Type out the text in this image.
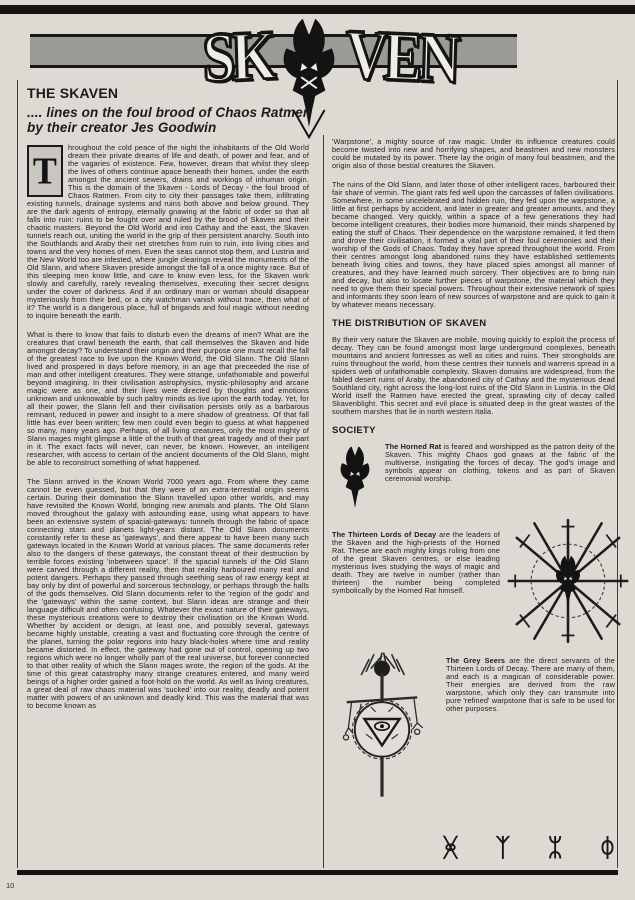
SK VEN
THE SKAVEN
.... lines on the foul brood of Chaos Ratmen by their creator Jes Goodwin

T
hroughout the cold peace of the night the inhabitants of the Old World dream their private dreams of life and death, of power and fear, and of the vagaries of existence. Few, however, dream that whilst they sleep the lives of others continue apace beneath their homes, under the earth amongst the ancient sewers, drains and workings of inhuman origin. This is the domain of the Skaven - Lords of Decay - the foul brood of Chaos Ratmen. From city to city their passages take them, infiltrating existing tunnels, drainage systems and ruins both above and below ground. They are the dark agents of entropy, eternally gnawing at the fabric of order so that all falls into ruin: ruins to be fought over and ruled by the brood of Skaven and their chaotic masters. Beyond the Old World and into Cathay and the east, the Skaven tunnels reach out, uniting the world in the grip of their persistent anarchy. South into the Southlands and Araby their net stretches from ruin to ruin, into living cities and towns and the very homes of men. Even the seas cannot stop them, and Lustria and the New World too are infested, where jungle clearings reveal the monuments of the Old Slann, and where Skaven preside amongst the fall of a once mighty race. But of this sleeping men know little, and care to know even less, for the Skaven work slowly and carefully, rarely revealing themselves, executing their secret designs under the cover of darkness. And if an ordinary man or woman should disappear mysteriously from their bed, or a city watchman vanish without trace, then what of it? The world is a dangerous place, full of brigands and foul magic without needing to inquire beneath the earth.

What is there to know that fails to disturb even the dreams of men? What are the creatures that crawl beneath the earth, that call themselves the Skaven and hide amongst decay? To understand their origin and their purpose one must recall the fall of the greatest race to live upon the Known World, the Old Slann. The Old Slann lived and prospered in days before memory, in an age that preceeded the rise of man and other intelligent creatures. They were strange, unfathomable and powerful beyond imagining. In their civilisation astrophysics, mystic-philosophy and arcane magic were as one, and their lives were directed by thoughts and emotions unknown and unknowable by such paltry minds as live upon the earth today. Yet, for all their power, the Slann fell and their civilisation persists only as a barbarous remnant, reduced in power and insight to a mere shadow of greatness. Of that fall little has ever been written; few men could even begin to guess at what happened so many, many years ago. Perhaps, of all living creatures, only the most mighty of Slann mages might glimpse a little of the truth of that great tragedy and of their part in it. The exact facts will never, can never, be known. However, an intelligent researcher, with access to certain of the ancient documents of the Old Slann, might be able to reconstruct something of what happened.

The Slann arrived in the Known World 7000 years ago. From where they came cannot be even guessed, but that they were of an extra-terrestial origin seems certain. During their domination the Slann travelled upon other worlds, and may have revisited the Known World, bringing new animals and plants. The Old Slann moved throughout the galaxy with astounding ease, using what appears to have been an extensive system of spacial-gateways: tunnels through the fabric of space connecting stars and planets light-years distant. The Old Slann documents constantly refer to these as 'gateways', and there appear to have been many such gateways located in the Known World at various places. The same documents refer also to the dangers of these gateways, the constant threat of their destruction by terrible forces existing 'inbetween space'. If the spacial tunnels of the Old Slann were carved through a different reality, then that reality harboured many real and potent dangers. Perhaps they passed through seething seas of raw energy kept at bay only by dint of powerful and sorcerous technology, or perhaps through the halls of the gods themselves. Old Slann documents refer to the 'region of the gods' and the 'gateways' within the same context, but Slann ideas are strange and their language difficult and often confusing. Whatever the exact nature of their gateways, these mysterious creations were to destroy their civilisation on the Known World. Whether by accident or design, at least one, and possibly several, gateways became highly unstable, creating a vast and fluctuating core through the centre of the planet, turning the polar regions into hazy black-holes where time and reality became distorted. In effect, the gateway had gone out of control, opening up two regions which were no longer wholly part of the real universe, but forever connected to that other reality of which the Slann mages wrote, the region of the gods. At the time of this great catastrophy many strange creatures entered, and many weird beings of a higher order gained a foot-hold on the world. As well as living creatures, a great deal of raw chaos material was 'sucked' into our reality, deadly and potent matter with powers of an unknown and deadly kind. This was the material that was to become known as

'Warpstone', a mighty source of raw magic. Under its influence creatures could become twisted into new and horrifying shapes, and beastmen and new monsters could be mutated by its power. There lay the origin of many foul beastmen, and the origin also of those bestial creatures the Skaven.

The ruins of the Old Slann, and later those of other intelligent races, harboured their fair share of vermin. The giant rats fed well upon the carcasses of fallen civilisations. Somewhere, in some uncelebrated and hidden ruin, they fed upon the warpstone, a little at first perhaps by accident, and later in greater and greater amounts, and they became changed. Very quickly, within a space of a few generations they had become intelligent creatures, their bodies more humanoid, their minds sharpened by eating the stuff of Chaos. Their dependence on the warpstone remained, it fed them and drove their civilisation, it formed a vital part of their foul ceremonies and their worship of the Gods of Chaos. Today they have spread throughout the world. From their centres amongst long abandoned ruins they have established settlements beneath living cities and towns, they have placed spies amongst all manner of creatures, and they have learned much sorcery. Their objectives are to bring ruin and decay, but also to locate further pieces of warpstone, the material which they need to give them their special powers. Throughout their extensive network of spies and informants they soon learn of new sources of warpstone and are quick to gain it by whatever means necessary.

THE DISTRIBUTION OF SKAVEN

By their very nature the Skaven are mobile, moving quickly to exploit the process of decay. They can be found amongst most large underground complexes, beneath mountains and ancient fortresses as well as cities and ruins. Their strongholds are ruins throughout the world, from these centres their tunnels and warrens spread in a spiders web of unfathomable complexity. Skaven domains are widespread, from the fabled desert ruins of Araby, the abandoned city of Cathay and the mysterious dead Southland city, right across the long-lost ruins of the Old Slann in Lustria. In the Old World itself the Ratmen have erected the great, sprawling city of decay called Skavenblight. This secret and evil place is situated deep in the great wastes of the southern marshes that lie in north western Italia.

SOCIETY
The Horned Rat is feared and worshipped as the patron deity of the Skaven. This mighty Chaos god gnaws at the fabric of the multiverse, instigating the forces of decay. The god's image and symbols appear on clothing, tokens and as part of Skaven ceremonial worship.
The Thirteen Lords of Decay are the leaders of the Skaven and the high-priests of the Horned Rat. These are each mighty kings ruling from one of the great Skaven centres, or else leading mysterious lives studying the ways of magic and death. They are twelve in number (rather than thirteen) the number being completed symbolically by the Horned Rat himself.
The Grey Seers are the direct servants of the Thirteen Lords of Decay. There are many of them, and each is a magican of considerable power. Their energies are derived from the raw warpstone, which only they can transmute into pure 'refined' warpstone that is safe to be used for other purposes.
ᚸ ᛉ ᛯ ᛰ
10
